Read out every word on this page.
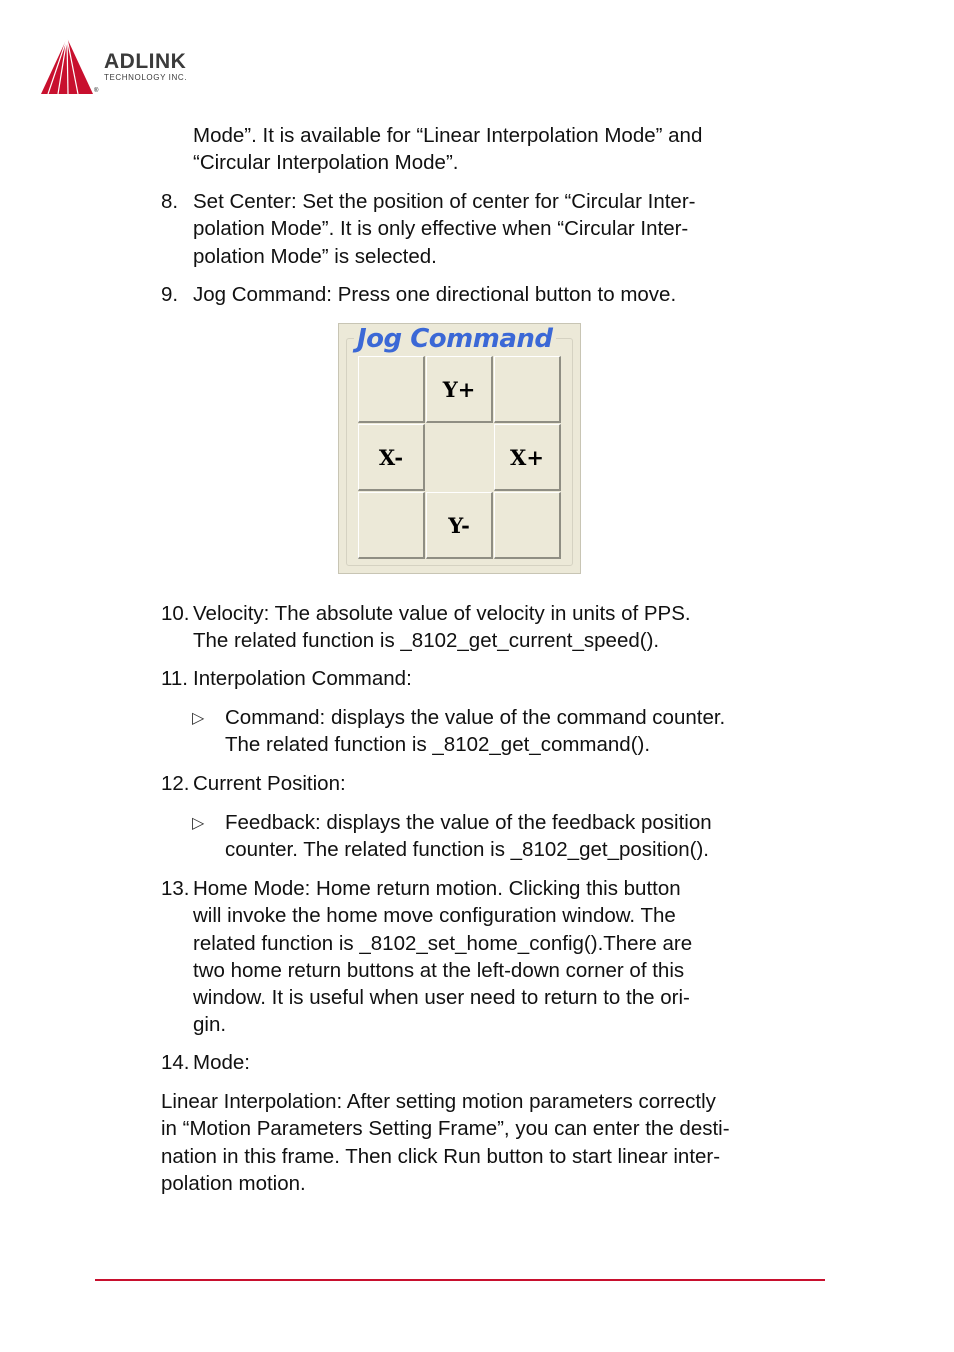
ADLINK
TECHNOLOGY INC.
®
Mode”. It is available for “Linear Interpolation Mode” and
“Circular Interpolation Mode”.
8. Set Center: Set the position of center for “Circular Inter-
polation Mode”. It is only effective when “Circular Inter-
polation Mode” is selected.
9. Jog Command: Press one directional button to move.
Jog Command
Y+
X-	X+
Y-
10. Velocity: The absolute value of velocity in units of PPS.
The related function is _8102_get_current_speed().
11. Interpolation Command:
▷ Command: displays the value of the command counter.
The related function is _8102_get_command().
12. Current Position:
▷ Feedback: displays the value of the feedback position
counter. The related function is _8102_get_position().
13. Home Mode: Home return motion. Clicking this button
will invoke the home move configuration window. The
related function is _8102_set_home_config().There are
two home return buttons at the left-down corner of this
window. It is useful when user need to return to the ori-
gin.
14. Mode:
Linear Interpolation: After setting motion parameters correctly
in “Motion Parameters Setting Frame”, you can enter the desti-
nation in this frame. Then click Run button to start linear inter-
polation motion.
